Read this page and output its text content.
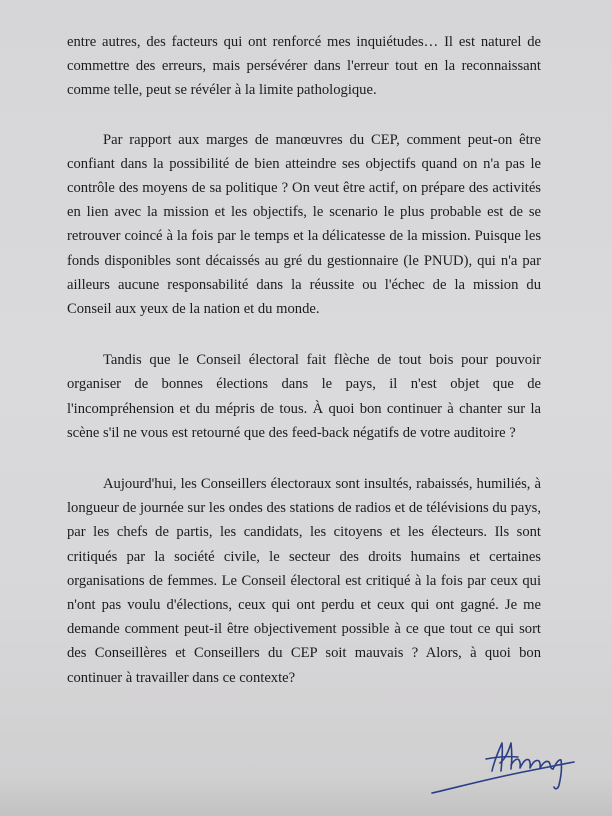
entre autres, des facteurs qui ont renforcé mes inquiétudes… Il est naturel de commettre des erreurs, mais persévérer dans l'erreur tout en la reconnaissant comme telle, peut se révéler à la limite pathologique.

Par rapport aux marges de manœuvres du CEP, comment peut-on être confiant dans la possibilité de bien atteindre ses objectifs quand on n'a pas le contrôle des moyens de sa politique ? On veut être actif, on prépare des activités en lien avec la mission et les objectifs, le scenario le plus probable est de se retrouver coincé à la fois par le temps et la délicatesse de la mission. Puisque les fonds disponibles sont décaissés au gré du gestionnaire (le PNUD), qui n'a par ailleurs aucune responsabilité dans la réussite ou l'échec de la mission du Conseil aux yeux de la nation et du monde.

Tandis que le Conseil électoral fait flèche de tout bois pour pouvoir organiser de bonnes élections dans le pays, il n'est objet que de l'incompréhension et du mépris de tous. À quoi bon continuer à chanter sur la scène s'il ne vous est retourné que des feed-back négatifs de votre auditoire ?

Aujourd'hui, les Conseillers électoraux sont insultés, rabaissés, humiliés, à longueur de journée sur les ondes des stations de radios et de télévisions du pays, par les chefs de partis, les candidats, les citoyens et les électeurs. Ils sont critiqués par la société civile, le secteur des droits humains et certaines organisations de femmes. Le Conseil électoral est critiqué à la fois par ceux qui n'ont pas voulu d'élections, ceux qui ont perdu et ceux qui ont gagné. Je me demande comment peut-il être objectivement possible à ce que tout ce qui sort des Conseillères et Conseillers du CEP soit mauvais ? Alors, à quoi bon continuer à travailler dans ce contexte?
